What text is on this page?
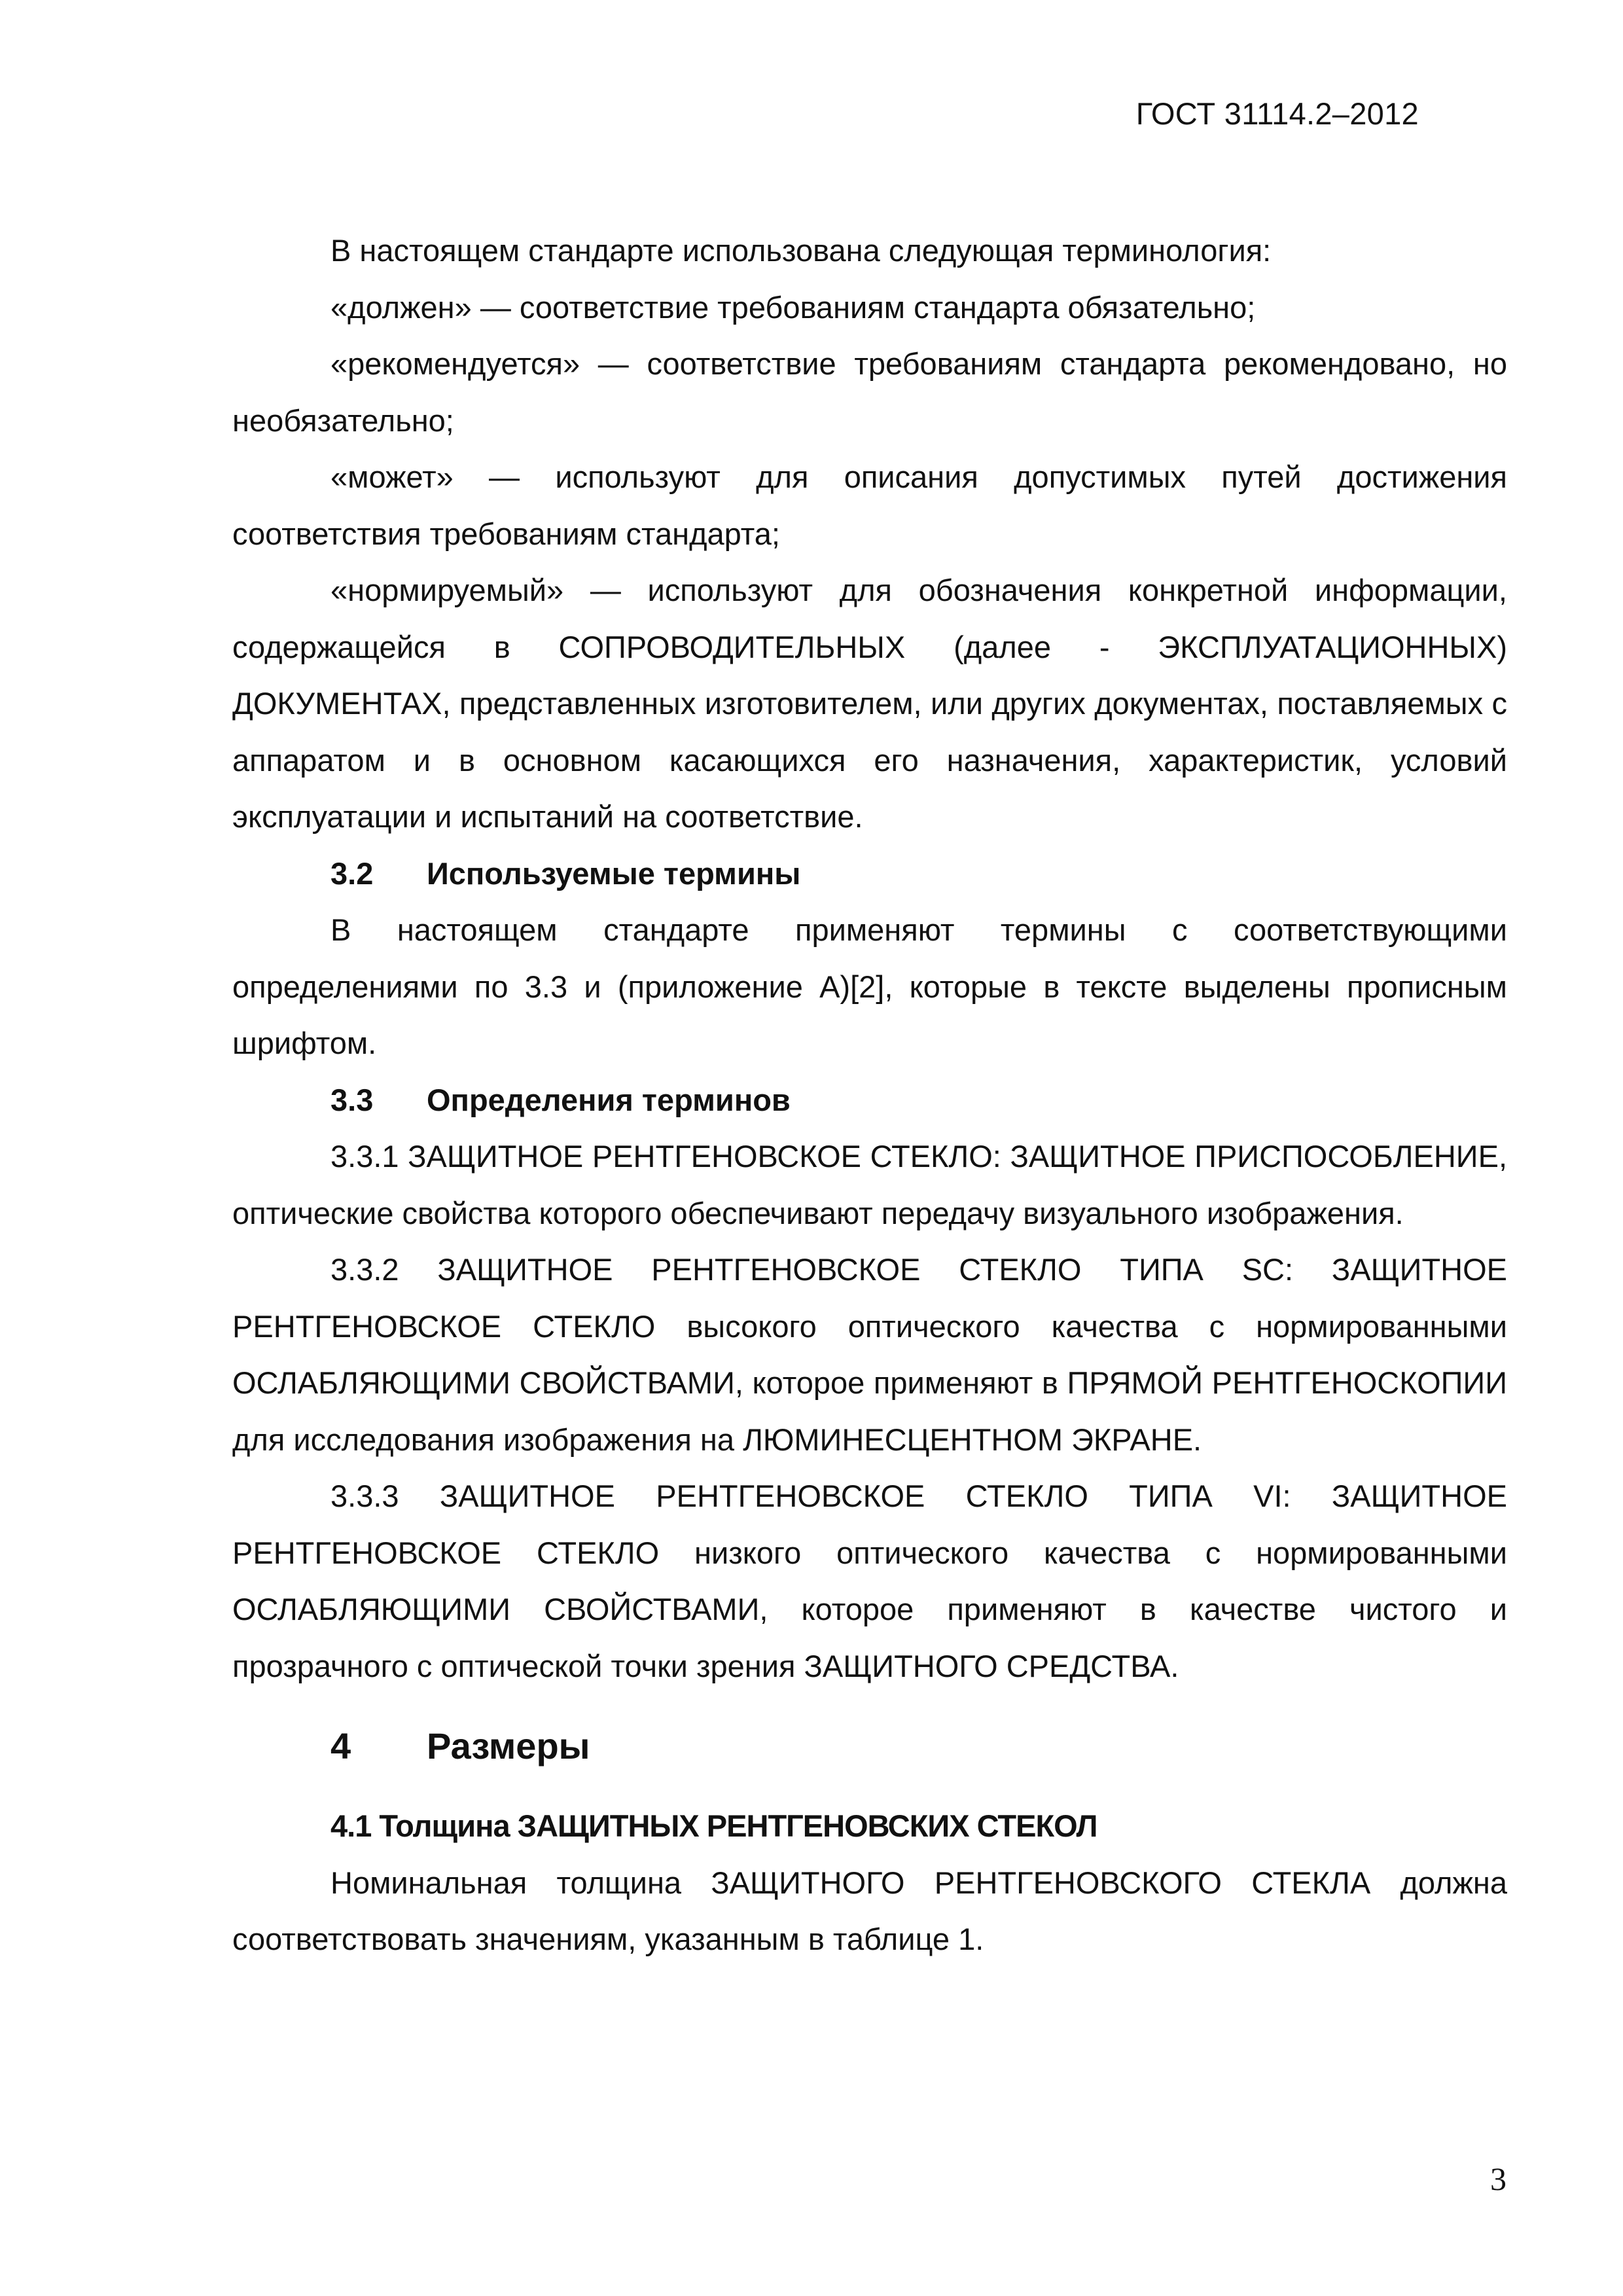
ГОСТ 31114.2–2012

В настоящем стандарте использована следующая терминология:

«должен» — соответствие требованиям стандарта обязательно;

«рекомендуется» — соответствие требованиям стандарта рекомендовано, но необязательно;

«может» — используют для описания допустимых путей достижения соответствия требованиям стандарта;

«нормируемый» — используют для обозначения конкретной информации, содержащейся в СОПРОВОДИТЕЛЬНЫХ (далее - ЭКСПЛУАТАЦИОННЫХ) ДОКУМЕНТАХ, представленных изготовителем, или других документах, поставляемых с аппаратом и в основном касающихся его назначения, характеристик, условий эксплуатации и испытаний на соответствие.

3.2 Используемые термины

В настоящем стандарте применяют термины с соответствующими определениями по 3.3 и (приложение А)[2], которые в тексте выделены прописным шрифтом.

3.3 Определения терминов

3.3.1 ЗАЩИТНОЕ РЕНТГЕНОВСКОЕ СТЕКЛО: ЗАЩИТНОЕ ПРИСПОСОБЛЕНИЕ, оптические свойства которого обеспечивают передачу визуального изображения.

3.3.2 ЗАЩИТНОЕ РЕНТГЕНОВСКОЕ СТЕКЛО ТИПА SC: ЗАЩИТНОЕ РЕНТГЕНОВСКОЕ СТЕКЛО высокого оптического качества с нормированными ОСЛАБЛЯЮЩИМИ СВОЙСТВАМИ, которое применяют в ПРЯМОЙ РЕНТГЕНОСКОПИИ для исследования изображения на ЛЮМИНЕСЦЕНТНОМ ЭКРАНЕ.

3.3.3 ЗАЩИТНОЕ РЕНТГЕНОВСКОЕ СТЕКЛО ТИПА VI: ЗАЩИТНОЕ РЕНТГЕНОВСКОЕ СТЕКЛО низкого оптического качества с нормированными ОСЛАБЛЯЮЩИМИ СВОЙСТВАМИ, которое применяют в качестве чистого и прозрачного с оптической точки зрения ЗАЩИТНОГО СРЕДСТВА.

4 Размеры
4.1 Толщина ЗАЩИТНЫХ РЕНТГЕНОВСКИХ СТЕКОЛ

Номинальная толщина ЗАЩИТНОГО РЕНТГЕНОВСКОГО СТЕКЛА должна соответствовать значениям, указанным в таблице 1.

3
